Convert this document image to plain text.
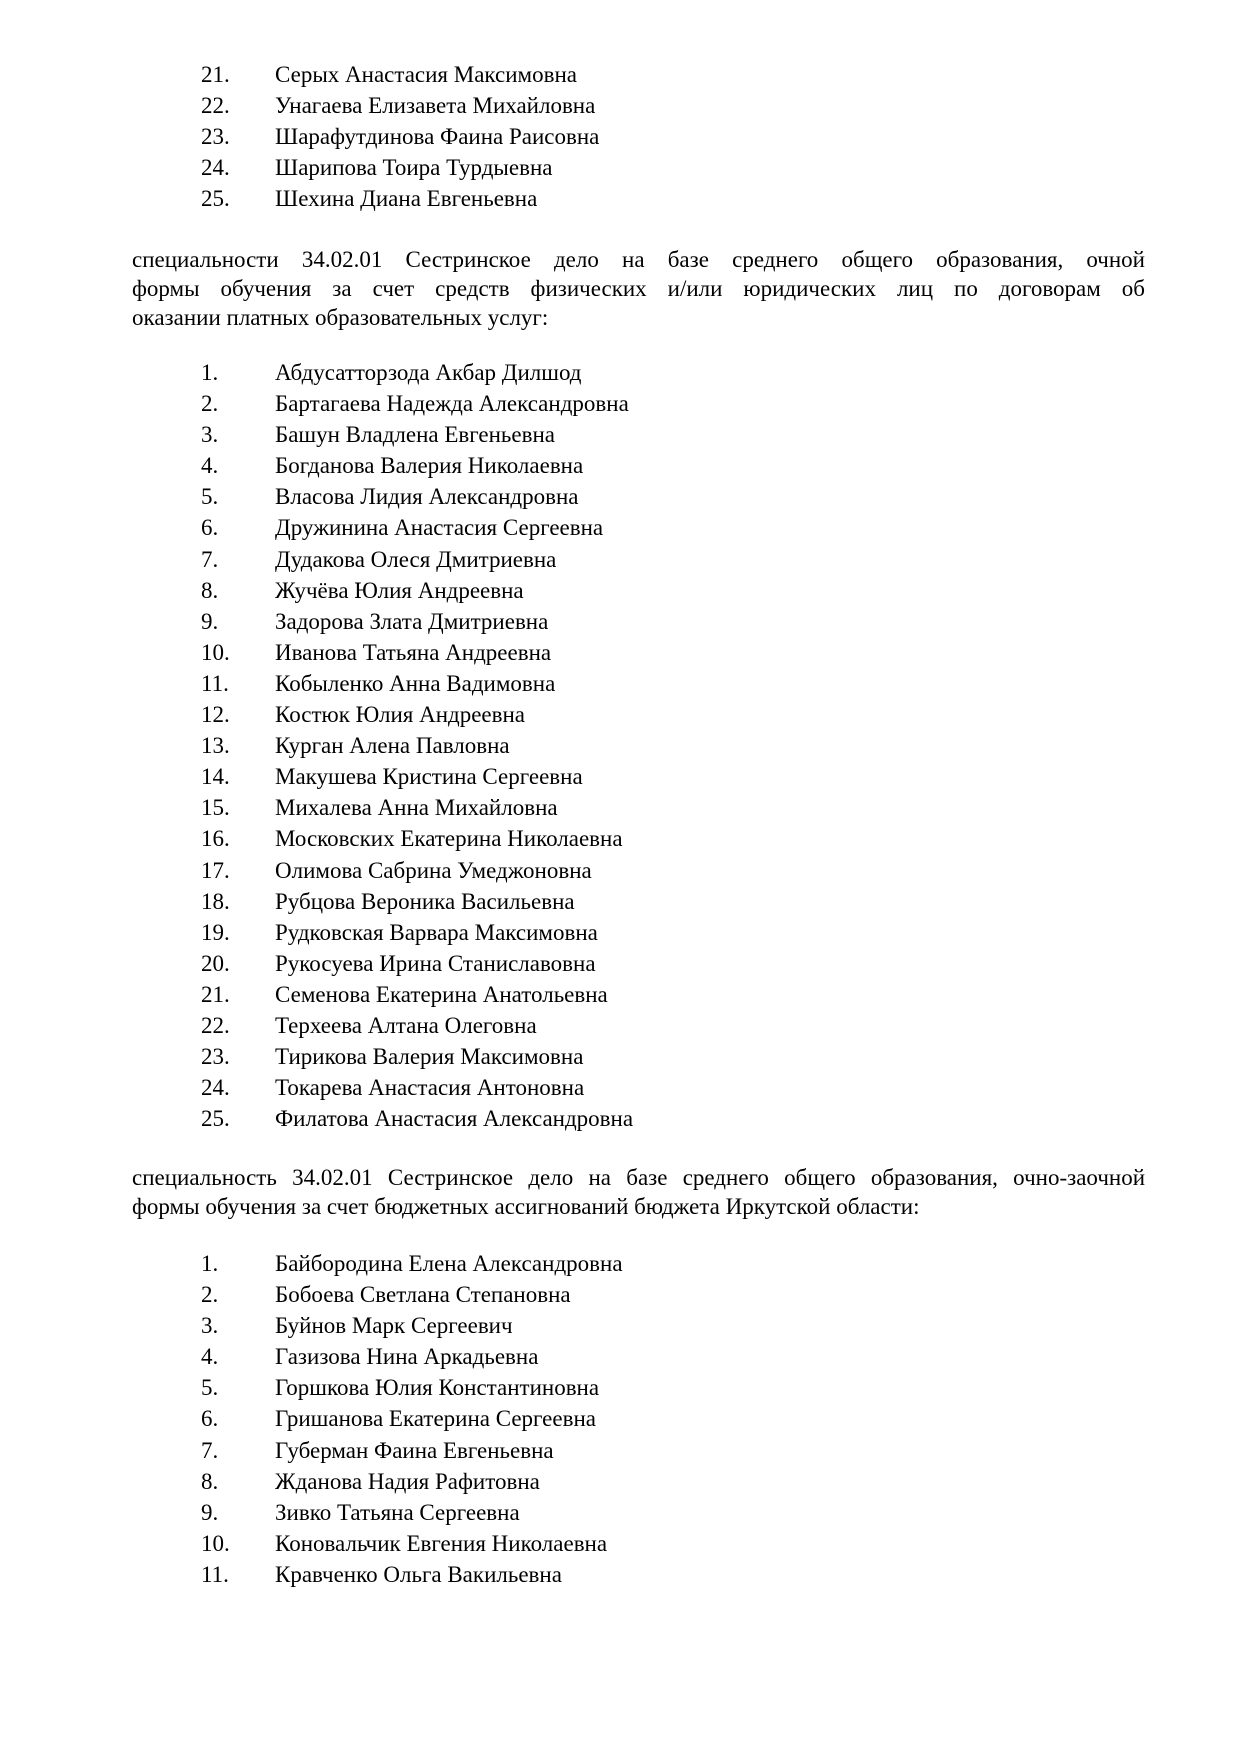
21. Серых Анастасия Максимовна
22. Унагаева Елизавета Михайловна
23. Шарафутдинова Фаина Раисовна
24. Шарипова Тоира Турдыевна
25. Шехина Диана Евгеньевна

специальности 34.02.01 Сестринское дело на базе среднего общего образования, очной
формы обучения за счет средств физических и/или юридических лиц по договорам об
оказании платных образовательных услуг:

1. Абдусатторзода Акбар Дилшод
2. Бартагаева Надежда Александровна
3. Башун Владлена Евгеньевна
4. Богданова Валерия Николаевна
5. Власова Лидия Александровна
6. Дружинина Анастасия Сергеевна
7. Дудакова Олеся Дмитриевна
8. Жучёва Юлия Андреевна
9. Задорова Злата Дмитриевна
10. Иванова Татьяна Андреевна
11. Кобыленко Анна Вадимовна
12. Костюк Юлия Андреевна
13. Курган Алена Павловна
14. Макушева Кристина Сергеевна
15. Михалева Анна Михайловна
16. Московских Екатерина Николаевна
17. Олимова Сабрина Умеджоновна
18. Рубцова Вероника Васильевна
19. Рудковская Варвара Максимовна
20. Рукосуева Ирина Станиславовна
21. Семенова Екатерина Анатольевна
22. Терхеева Алтана Олеговна
23. Тирикова Валерия Максимовна
24. Токарева Анастасия Антоновна
25. Филатова Анастасия Александровна

специальность 34.02.01 Сестринское дело на базе среднего общего образования, очно-заочной
формы обучения за счет бюджетных ассигнований бюджета Иркутской области:

1. Байбородина Елена Александровна
2. Бобоева Светлана Степановна
3. Буйнов Марк Сергеевич
4. Газизова Нина Аркадьевна
5. Горшкова Юлия Константиновна
6. Гришанова Екатерина Сергеевна
7. Губерман Фаина Евгеньевна
8. Жданова Надия Рафитовна
9. Зивко Татьяна Сергеевна
10. Коновальчик Евгения Николаевна
11. Кравченко Ольга Вакильевна
